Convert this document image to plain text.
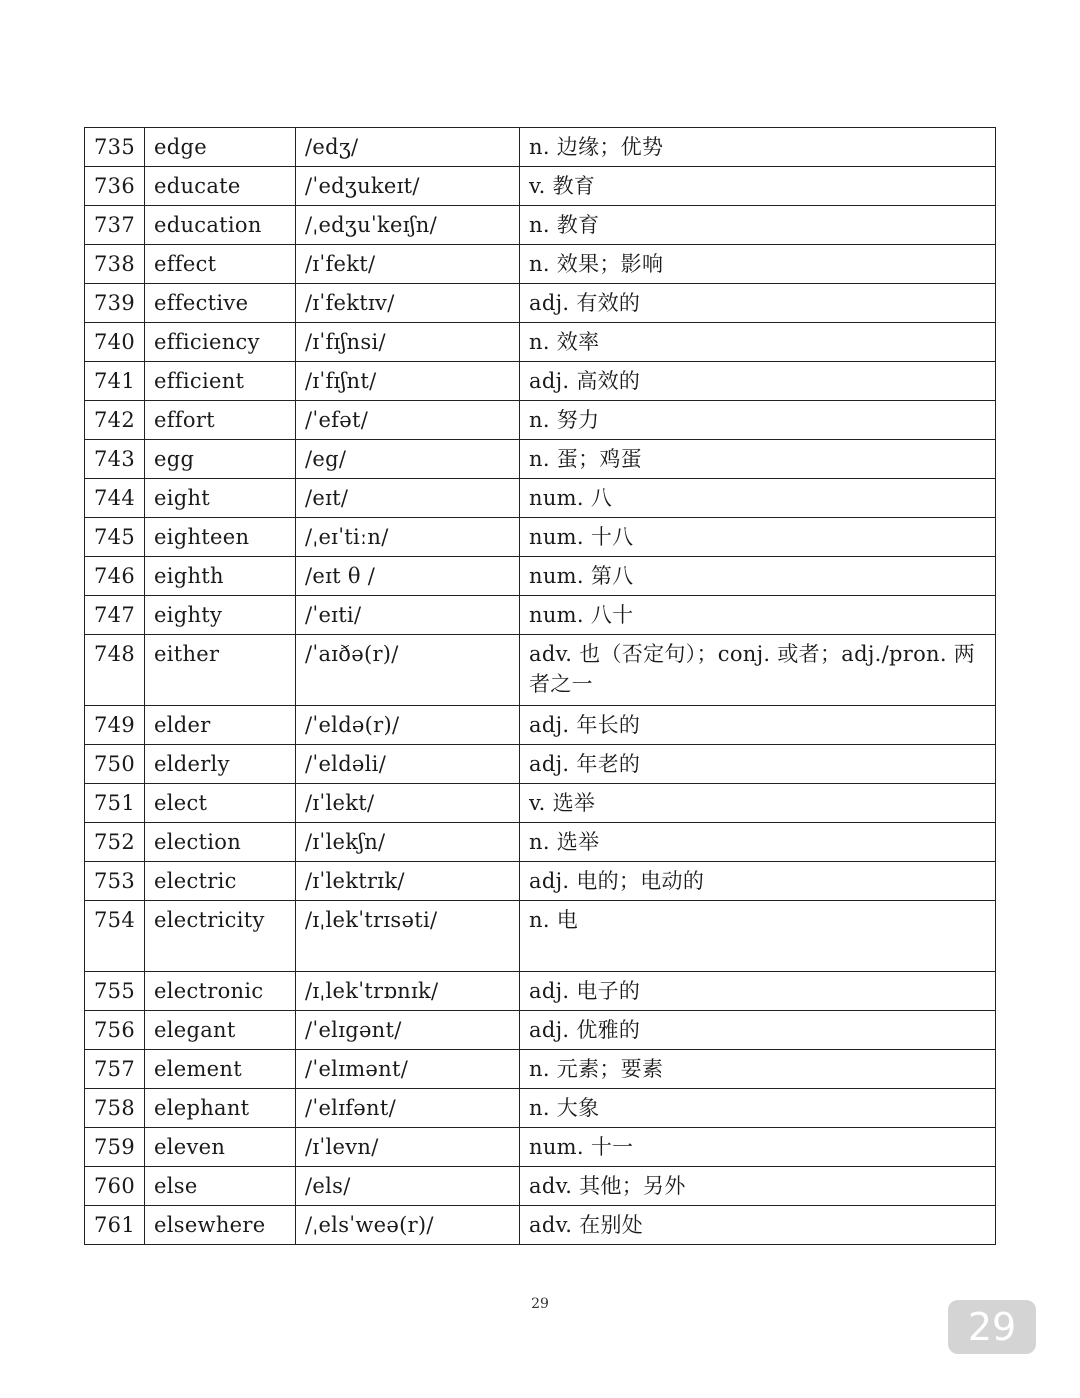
735	edge	/edʒ/	n. 边缘；优势
736	educate	/ˈedʒukeɪt/	v. 教育
737	education	/ˌedʒuˈkeɪʃn/	n. 教育
738	effect	/ɪˈfekt/	n. 效果；影响
739	effective	/ɪˈfektɪv/	adj. 有效的
740	efficiency	/ɪˈfɪʃnsi/	n. 效率
741	efficient	/ɪˈfɪʃnt/	adj. 高效的
742	effort	/ˈefət/	n. 努力
743	egg	/eg/	n. 蛋；鸡蛋
744	eight	/eɪt/	num. 八
745	eighteen	/ˌeɪˈtiːn/	num. 十八
746	eighth	/eɪt θ /	num. 第八
747	eighty	/ˈeɪti/	num. 八十
748	either	/ˈaɪðə(r)/	adv. 也（否定句）；conj. 或者；adj./pron. 两者之一
749	elder	/ˈeldə(r)/	adj. 年长的
750	elderly	/ˈeldəli/	adj. 年老的
751	elect	/ɪˈlekt/	v. 选举
752	election	/ɪˈlekʃn/	n. 选举
753	electric	/ɪˈlektrɪk/	adj. 电的；电动的
754	electricity	/ɪˌlekˈtrɪsəti/	n. 电
755	electronic	/ɪˌlekˈtrɒnɪk/	adj. 电子的
756	elegant	/ˈelɪgənt/	adj. 优雅的
757	element	/ˈelɪmənt/	n. 元素；要素
758	elephant	/ˈelɪfənt/	n. 大象
759	eleven	/ɪˈlevn/	num. 十一
760	else	/els/	adv. 其他；另外
761	elsewhere	/ˌelsˈweə(r)/	adv. 在别处
29
29
